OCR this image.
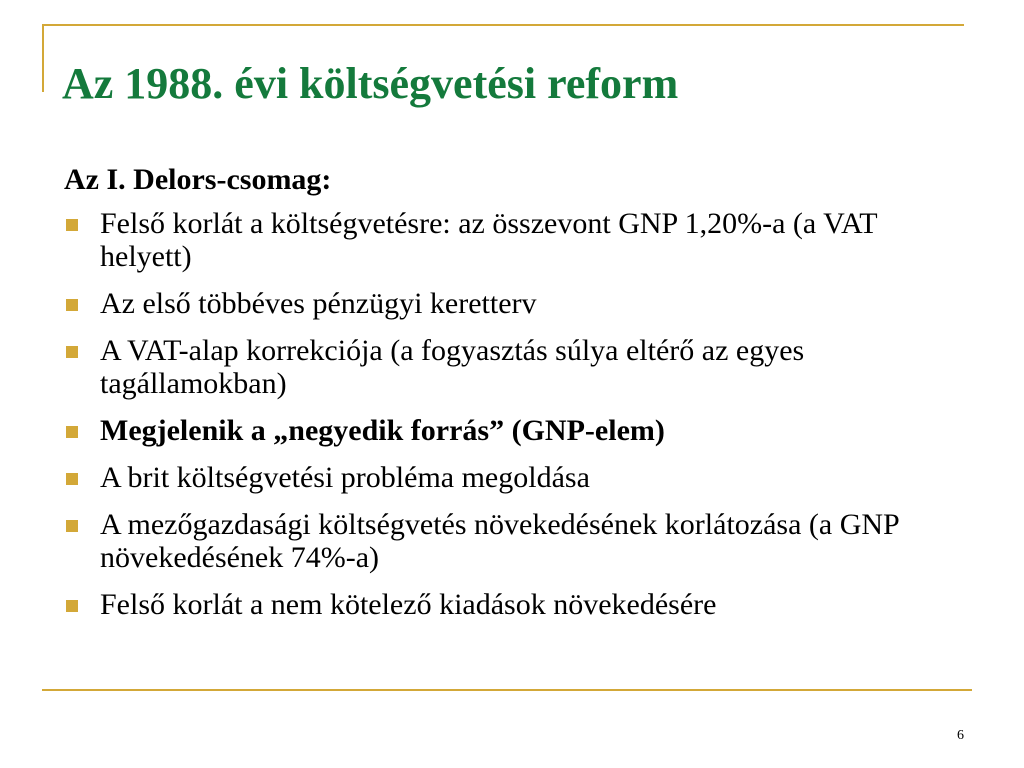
Az 1988. évi költségvetési reform
Az I. Delors-csomag:
Felső korlát a költségvetésre: az összevont GNP 1,20%-a (a VAT helyett)
Az első többéves pénzügyi keretterv
A VAT-alap korrekciója (a fogyasztás súlya eltérő az egyes tagállamokban)
Megjelenik a „negyedik forrás” (GNP-elem)
A brit költségvetési probléma megoldása
A mezőgazdasági költségvetés növekedésének korlátozása (a GNP növekedésének 74%-a)
Felső korlát a nem kötelező kiadások növekedésére
6
